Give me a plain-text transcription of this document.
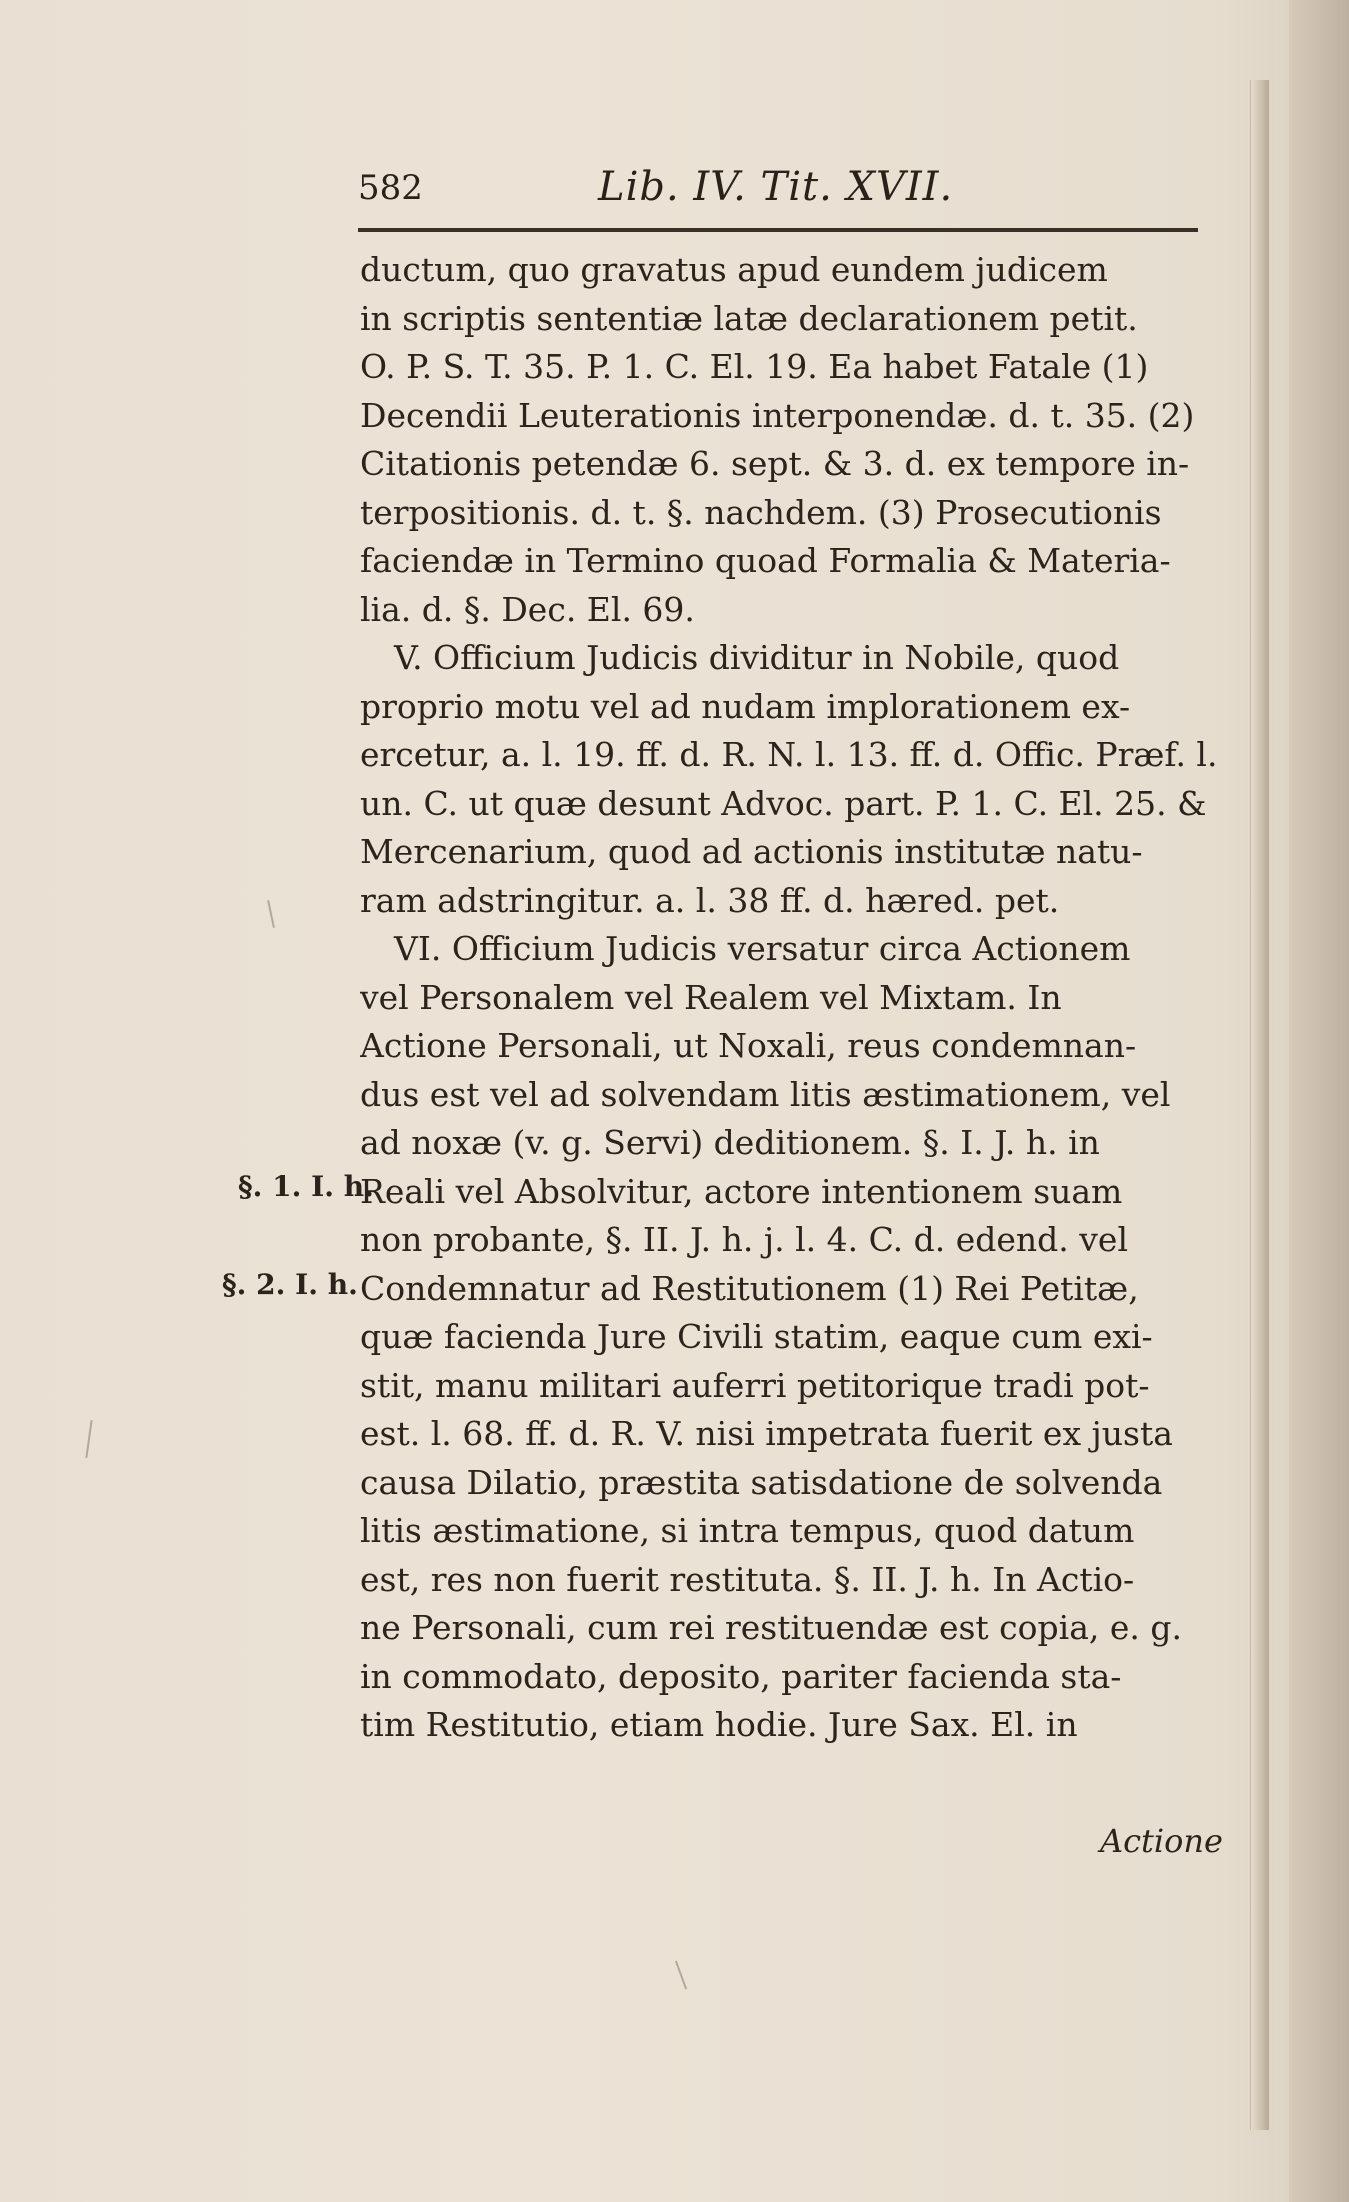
582	Lib. IV. Tit. XVII.
ductum, quo gravatus apud eundem judicem
in scriptis sententiæ latæ declarationem petit.
O. P. S. T. 35. P. 1. C. El. 19. Ea habet Fatale (1)
Decendii Leuterationis interponendæ. d. t. 35. (2)
Citationis petendæ 6. sept. & 3. d. ex tempore in-
terpositionis. d. t. §. nachdem. (3) Prosecutionis
faciendæ in Termino quoad Formalia & Materia-
lia. d. §. Dec. El. 69.
V. Officium Judicis dividitur in Nobile, quod
proprio motu vel ad nudam implorationem ex-
ercetur, a. l. 19. ff. d. R. N. l. 13. ff. d. Offic. Præf. l.
un. C. ut quæ desunt Advoc. part. P. 1. C. El. 25. &
Mercenarium, quod ad actionis institutæ natu-
ram adstringitur. a. l. 38 ff. d. hæred. pet.
VI. Officium Judicis versatur circa Actionem
vel Personalem vel Realem vel Mixtam. In
Actione Personali, ut Noxali, reus condemnan-
dus est vel ad solvendam litis æstimationem, vel
ad noxæ (v. g. Servi) deditionem. §. I. J. h. in
Reali vel Absolvitur, actore intentionem suam
non probante, §. II. J. h. j. l. 4. C. d. edend. vel
Condemnatur ad Restitutionem (1) Rei Petitæ,
quæ facienda Jure Civili statim, eaque cum exi-
stit, manu militari auferri petitorique tradi pot-
est. l. 68. ff. d. R. V. nisi impetrata fuerit ex justa
causa Dilatio, præstita satisdatione de solvenda
litis æstimatione, si intra tempus, quod datum
est, res non fuerit restituta. §. II. J. h. In Actio-
ne Personali, cum rei restituendæ est copia, e. g.
in commodato, deposito, pariter facienda sta-
tim Restitutio, etiam hodie. Jure Sax. El. in
§. 1. I. h.
§. 2. I. h.
Actione
